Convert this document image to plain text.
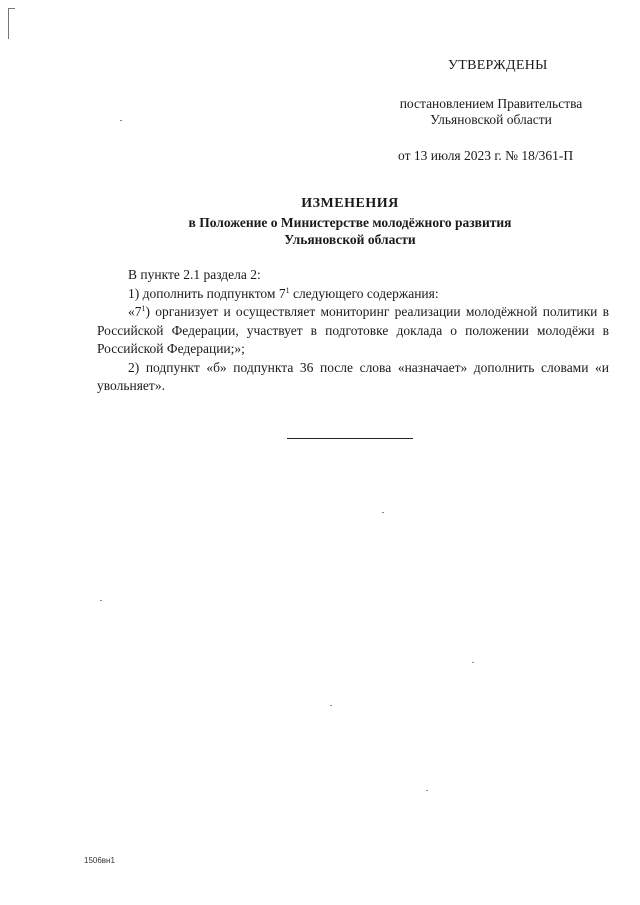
УТВЕРЖДЕНЫ
постановлением Правительства
Ульяновской области
от 13 июля 2023 г. № 18/361-П
ИЗМЕНЕНИЯ
в Положение о Министерстве молодёжного развития
Ульяновской области

В пункте 2.1 раздела 2:

1) дополнить подпунктом $7^1$ следующего содержания:

«$7^1$) организует и осуществляет мониторинг реализации молодёжной политики в Российской Федерации, участвует в подготовке доклада о положении молодёжи в Российской Федерации;»;

2) подпункт «б» подпункта 36 после слова «назначает» дополнить словами «и увольняет».

1506вн1
